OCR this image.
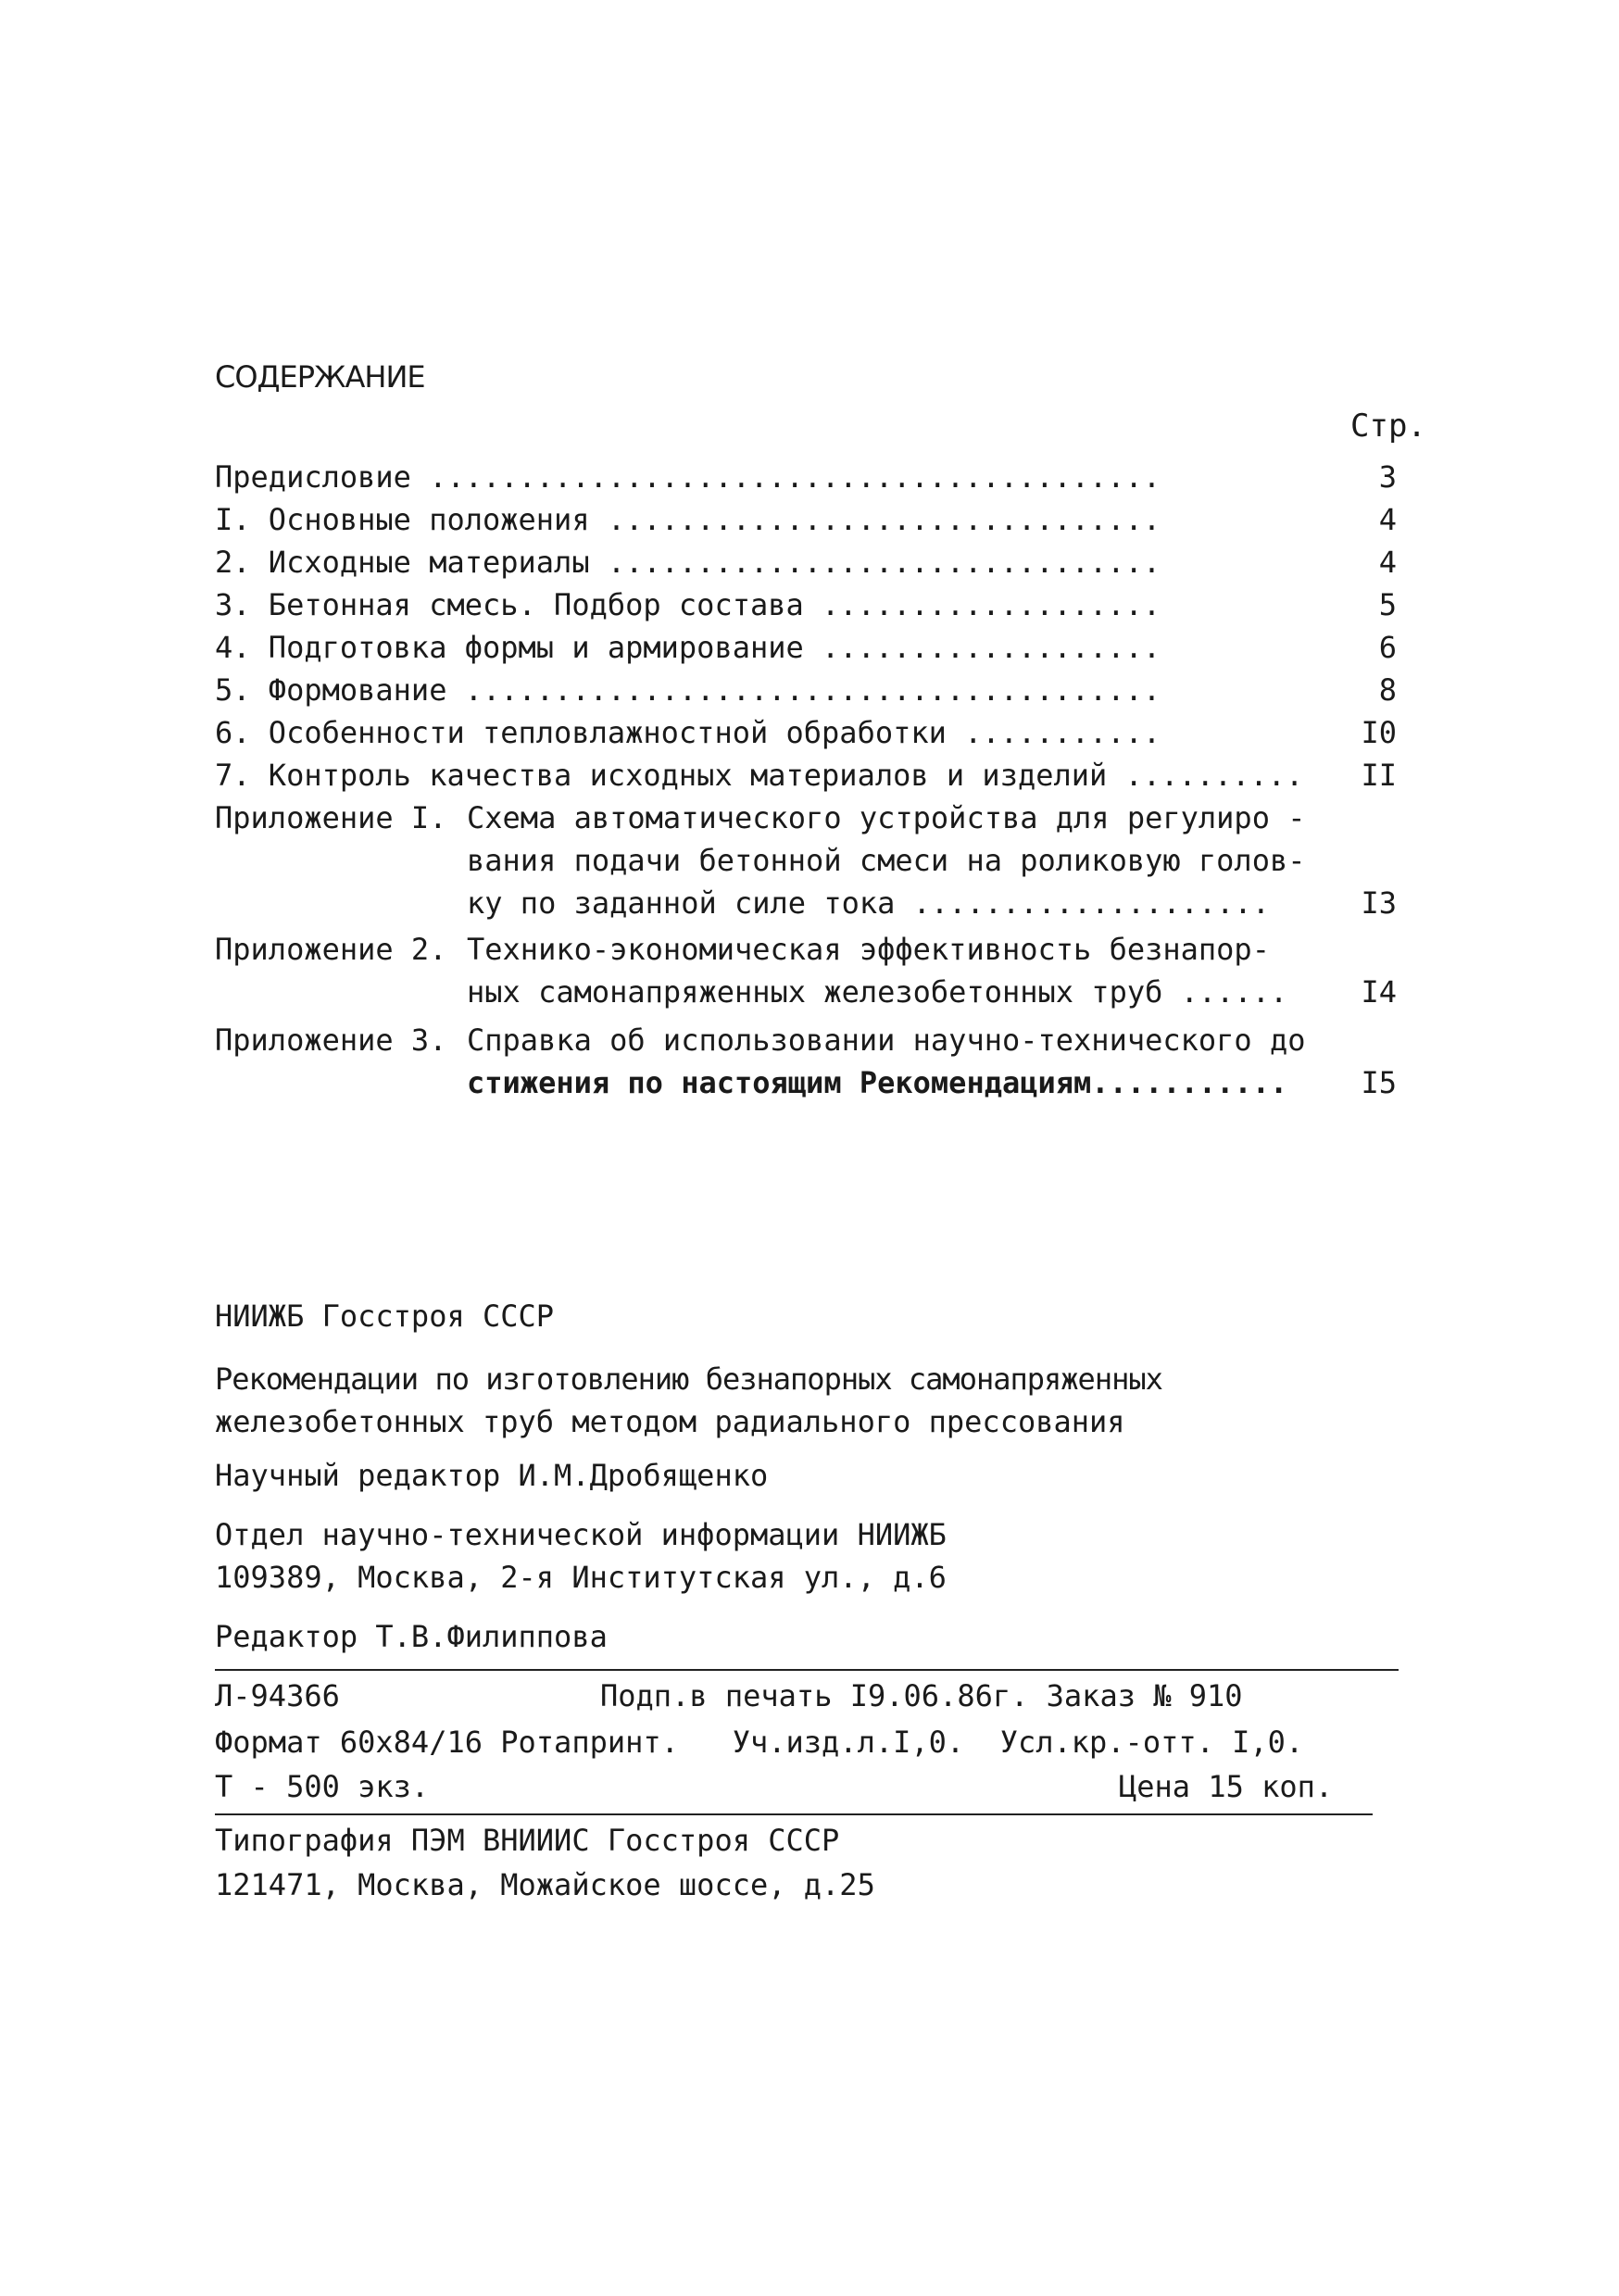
СОДЕРЖАНИЕ
Стр.
Предисловие .........................................	3
I. Основные положения ...............................	4
2. Исходные материалы ...............................	4
3. Бетонная смесь. Подбор состава ...................	5
4. Подготовка формы и армирование ...................	6
5. Формование .......................................	8
6. Особенности тепловлажностной обработки ...........	I0
7. Контроль качества исходных материалов и изделий ..........	II
Приложение I. Схема автоматического устройства для регулиро -
вания подачи бетонной смеси на роликовую голов-
ку по заданной силе тока ....................	I3
Приложение 2. Технико-экономическая эффективность безнапор-
ных самонапряженных железобетонных труб ......	I4
Приложение 3. Справка об использовании научно-технического до
стижения по настоящим Рекомендациям...........	I5
НИИЖБ Госстроя СССР
Рекомендации по изготовлению безнапорных самонапряженных
железобетонных труб методом радиального прессования
Научный редактор И.М.Дробященко
Отдел научно-технической информации НИИЖБ
109389, Москва, 2-я Институтская ул., д.6
Редактор Т.В.Филиппова
Л-94366	Подп.в печать I9.06.86г. Заказ № 910
Формат 60х84/16 Ротапринт.   Уч.изд.л.I,0.  Усл.кр.-отт. I,0.
Т - 500 экз.	Цена 15 коп.
Типография ПЭМ ВНИИИС Госстроя СССР
121471, Москва, Можайское шоссе, д.25
